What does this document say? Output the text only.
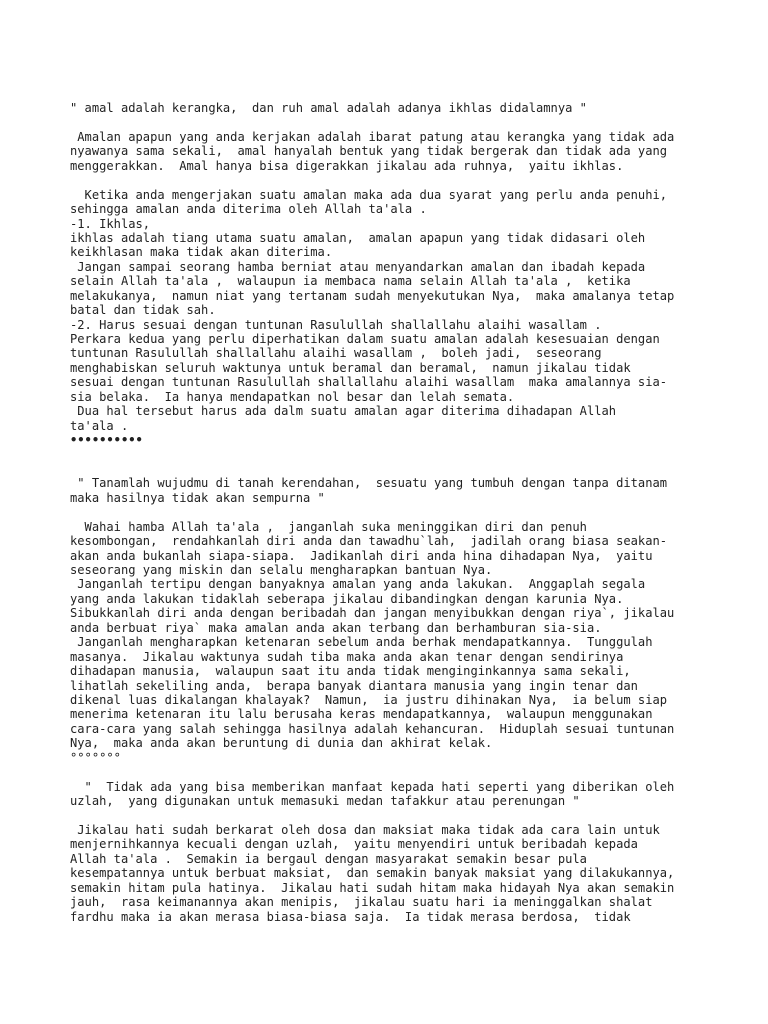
" amal adalah kerangka,  dan ruh amal adalah adanya ikhlas didalamnya "
Amalan apapun yang anda kerjakan adalah ibarat patung atau kerangka yang tidak ada
nyawanya sama sekali,  amal hanyalah bentuk yang tidak bergerak dan tidak ada yang
menggerakkan.  Amal hanya bisa digerakkan jikalau ada ruhnya,  yaitu ikhlas.
Ketika anda mengerjakan suatu amalan maka ada dua syarat yang perlu anda penuhi,
sehingga amalan anda diterima oleh Allah ta'ala .
-1. Ikhlas,
ikhlas adalah tiang utama suatu amalan,  amalan apapun yang tidak didasari oleh
keikhlasan maka tidak akan diterima.
Jangan sampai seorang hamba berniat atau menyandarkan amalan dan ibadah kepada
selain Allah ta'ala ,  walaupun ia membaca nama selain Allah ta'ala ,  ketika
melakukanya,  namun niat yang tertanam sudah menyekutukan Nya,  maka amalanya tetap
batal dan tidak sah.
-2. Harus sesuai dengan tuntunan Rasulullah shallallahu alaihi wasallam .
Perkara kedua yang perlu diperhatikan dalam suatu amalan adalah kesesuaian dengan
tuntunan Rasulullah shallallahu alaihi wasallam ,  boleh jadi,  seseorang
menghabiskan seluruh waktunya untuk beramal dan beramal,  namun jikalau tidak
sesuai dengan tuntunan Rasulullah shallallahu alaihi wasallam  maka amalannya sia-
sia belaka.  Ia hanya mendapatkan nol besar dan lelah semata.
Dua hal tersebut harus ada dalm suatu amalan agar diterima dihadapan Allah
ta'ala .
••••••••••
" Tanamlah wujudmu di tanah kerendahan,  sesuatu yang tumbuh dengan tanpa ditanam
maka hasilnya tidak akan sempurna "
Wahai hamba Allah ta'ala ,  janganlah suka meninggikan diri dan penuh
kesombongan,  rendahkanlah diri anda dan tawadhu`lah,  jadilah orang biasa seakan-
akan anda bukanlah siapa-siapa.  Jadikanlah diri anda hina dihadapan Nya,  yaitu
seseorang yang miskin dan selalu mengharapkan bantuan Nya.
Janganlah tertipu dengan banyaknya amalan yang anda lakukan.  Anggaplah segala
yang anda lakukan tidaklah seberapa jikalau dibandingkan dengan karunia Nya.
Sibukkanlah diri anda dengan beribadah dan jangan menyibukkan dengan riya`, jikalau
anda berbuat riya` maka amalan anda akan terbang dan berhamburan sia-sia.
Janganlah mengharapkan ketenaran sebelum anda berhak mendapatkannya.  Tunggulah
masanya.  Jikalau waktunya sudah tiba maka anda akan tenar dengan sendirinya
dihadapan manusia,  walaupun saat itu anda tidak menginginkannya sama sekali,
lihatlah sekeliling anda,  berapa banyak diantara manusia yang ingin tenar dan
dikenal luas dikalangan khalayak?  Namun,  ia justru dihinakan Nya,  ia belum siap
menerima ketenaran itu lalu berusaha keras mendapatkannya,  walaupun menggunakan
cara-cara yang salah sehingga hasilnya adalah kehancuran.  Hiduplah sesuai tuntunan
Nya,  maka anda akan beruntung di dunia dan akhirat kelak.
°°°°°°°
"  Tidak ada yang bisa memberikan manfaat kepada hati seperti yang diberikan oleh
uzlah,  yang digunakan untuk memasuki medan tafakkur atau perenungan "
Jikalau hati sudah berkarat oleh dosa dan maksiat maka tidak ada cara lain untuk
menjernihkannya kecuali dengan uzlah,  yaitu menyendiri untuk beribadah kepada
Allah ta'ala .  Semakin ia bergaul dengan masyarakat semakin besar pula
kesempatannya untuk berbuat maksiat,  dan semakin banyak maksiat yang dilakukannya,
semakin hitam pula hatinya.  Jikalau hati sudah hitam maka hidayah Nya akan semakin
jauh,  rasa keimanannya akan menipis,  jikalau suatu hari ia meninggalkan shalat
fardhu maka ia akan merasa biasa-biasa saja.  Ia tidak merasa berdosa,  tidak
